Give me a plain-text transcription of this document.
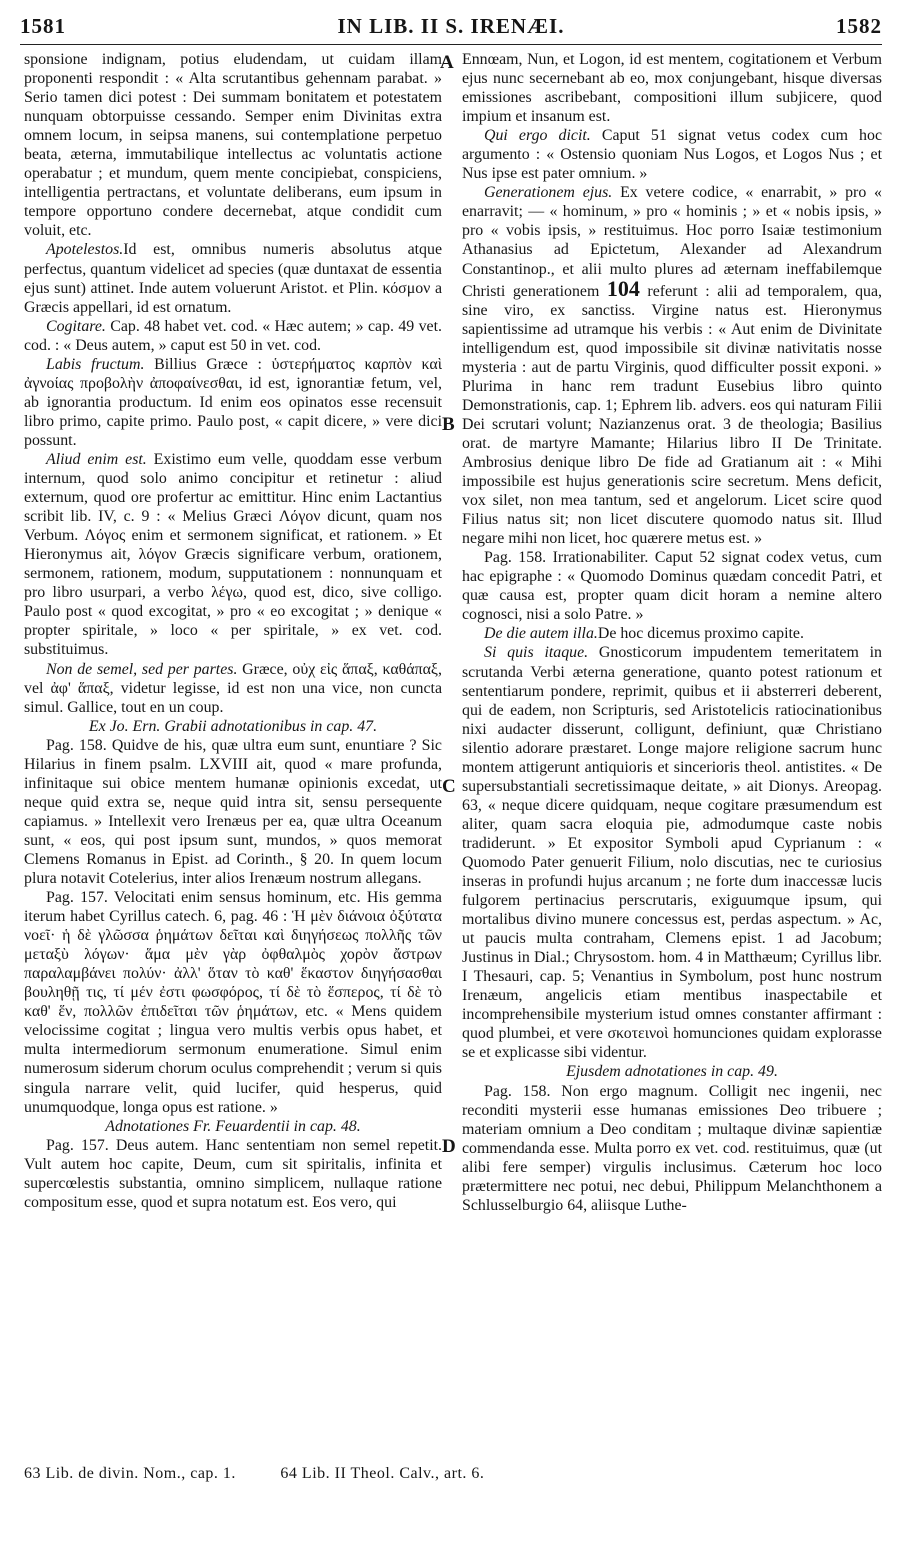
1581	IN LIB. II S. IRENÆI.	1582

sponsione indignam, potius eludendam, ut cuidam illam proponenti respondit : « Alta scrutantibus gehennam parabat. » Serio tamen dici potest : Dei summam bonitatem et potestatem nunquam obtorpuisse cessando. Semper enim Divinitas extra omnem locum, in seipsa manens, sui contemplatione perpetuo beata, æterna, immutabilique intellectus ac voluntatis actione operabatur ; et mundum, quem mente concipiebat, conspiciens, intelligentia pertractans, et voluntate deliberans, eum ipsum in tempore opportuno condere decernebat, atque condidit cum voluit, etc.

Apotelestos.Id est, omnibus numeris absolutus atque perfectus, quantum videlicet ad species (quæ duntaxat de essentia ejus sunt) attinet. Inde autem voluerunt Aristot. et Plin. κόσμον a Græcis appellari, id est ornatum.

Cogitare. Cap. 48 habet vet. cod. « Hæc autem; » cap. 49 vet. cod. : « Deus autem, » caput est 50 in vet. cod.

Labis fructum. Billius Græce : ὑστερήματος καρπὸν καὶ ἀγνοίας προβολὴν ἀποφαίνεσθαι, id est, ignorantiæ fetum, vel, ab ignorantia productum. Id enim eos opinatos esse recensuit libro primo, capite primo. Paulo post, « capit dicere, » vere dici possunt.

Aliud enim est. Existimo eum velle, quoddam esse verbum internum, quod solo animo concipitur et retinetur : aliud externum, quod ore profertur ac emittitur. Hinc enim Lactantius scribit lib. IV, c. 9 : « Melius Græci Λόγον dicunt, quam nos Verbum. Λόγος enim et sermonem significat, et rationem. » Et Hieronymus ait, λόγον Græcis significare verbum, orationem, sermonem, rationem, modum, supputationem : nonnunquam et pro libro usurpari, a verbo λέγω, quod est, dico, sive colligo. Paulo post « quod excogitat, » pro « eo excogitat ; » denique « propter spiritale, » loco « per spiritale, » ex vet. cod. substituimus.

Non de semel, sed per partes. Græce, οὐχ εἰς ἅπαξ, καθάπαξ, vel ἀφ' ἅπαξ, videtur legisse, id est non una vice, non cuncta simul. Gallice, tout en un coup.

Ex Jo. Ern. Grabii adnotationibus in cap. 47.

Pag. 158. Quidve de his, quæ ultra eum sunt, enuntiare ? Sic Hilarius in finem psalm. LXVIII ait, quod « mare profunda, infinitaque sui obice mentem humanæ opinionis excedat, ut neque quid extra se, neque quid intra sit, sensu persequente capiamus. » Intellexit vero Irenæus per ea, quæ ultra Oceanum sunt, « eos, qui post ipsum sunt, mundos, » quos memorat Clemens Romanus in Epist. ad Corinth., § 20. In quem locum plura notavit Cotelerius, inter alios Irenæum nostrum allegans.

Pag. 157. Velocitati enim sensus hominum, etc. His gemma iterum habet Cyrillus catech. 6, pag. 46 : Ἡ μὲν διάνοια ὀξύτατα νοεῖ· ἡ δὲ γλῶσσα ῥημάτων δεῖται καὶ διηγήσεως πολλῆς τῶν μεταξὺ λόγων· ἅμα μὲν γὰρ ὀφθαλμὸς χορὸν ἄστρων παραλαμβάνει πολύν· ἀλλ' ὅταν τὸ καθ' ἕκαστον διηγήσασθαι βουληθῇ τις, τί μέν ἐστι φωσφόρος, τί δὲ τὸ ἕσπερος, τί δὲ τὸ καθ' ἕν, πολλῶν ἐπιδεῖται τῶν ῥημάτων, etc. « Mens quidem velocissime cogitat ; lingua vero multis verbis opus habet, et multa intermediorum sermonum enumeratione. Simul enim numerosum siderum chorum oculus comprehendit ; verum si quis singula narrare velit, quid lucifer, quid hesperus, quid unumquodque, longa opus est ratione. »

Adnotationes Fr. Feuardentii in cap. 48.

Pag. 157. Deus autem. Hanc sententiam non semel repetit. Vult autem hoc capite, Deum, cum sit spiritalis, infinita et supercœlestis substantia, omnino simplicem, nullaque ratione compositum esse, quod et supra notatum est. Eos vero, qui

Ennœam, Nun, et Logon, id est mentem, cogitationem et Verbum ejus nunc secernebant ab eo, mox conjungebant, hisque diversas emissiones ascribebant, compositioni illum subjicere, quod impium et insanum est.

Qui ergo dicit. Caput 51 signat vetus codex cum hoc argumento : « Ostensio quoniam Nus Logos, et Logos Nus ; et Nus ipse est pater omnium. »

Generationem ejus. Ex vetere codice, « enarrabit, » pro « enarravit; — « hominum, » pro « hominis ; » et « nobis ipsis, » pro « vobis ipsis, » restituimus. Hoc porro Isaiæ testimonium Athanasius ad Epictetum, Alexander ad Alexandrum Constantinop., et alii multo plures ad æternam ineffabilemque Christi generationem 104 referunt : alii ad temporalem, qua, sine viro, ex sanctiss. Virgine natus est. Hieronymus sapientissime ad utramque his verbis : « Aut enim de Divinitate intelligendum est, quod impossibile sit divinæ nativitatis nosse mysteria : aut de partu Virginis, quod difficulter possit exponi. » Plurima in hanc rem tradunt Eusebius libro quinto Demonstrationis, cap. 1; Ephrem lib. advers. eos qui naturam Filii Dei scrutari volunt; Nazianzenus orat. 3 de theologia; Basilius orat. de martyre Mamante; Hilarius libro II De Trinitate. Ambrosius denique libro De fide ad Gratianum ait : « Mihi impossibile est hujus generationis scire secretum. Mens deficit, vox silet, non mea tantum, sed et angelorum. Licet scire quod Filius natus sit; non licet discutere quomodo natus sit. Illud negare mihi non licet, hoc quærere metus est. »

Pag. 158. Irrationabiliter. Caput 52 signat codex vetus, cum hac epigraphe : « Quomodo Dominus quædam concedit Patri, et quæ causa est, propter quam dicit horam a nemine altero cognosci, nisi a solo Patre. »

De die autem illa.De hoc dicemus proximo capite.

Si quis itaque. Gnosticorum impudentem temeritatem in scrutanda Verbi æterna generatione, quanto potest rationum et sententiarum pondere, reprimit, quibus et ii absterreri deberent, qui de eadem, non Scripturis, sed Aristotelicis ratiocinationibus nixi audacter disserunt, colligunt, definiunt, quæ Christiano silentio adorare præstaret. Longe majore religione sacrum hunc montem attigerunt antiquioris et sincerioris theol. antistites. « De supersubstantiali secretissimaque deitate, » ait Dionys. Areopag. 63, « neque dicere quidquam, neque cogitare præsumendum est aliter, quam sacra eloquia pie, admodumque caste nobis tradiderunt. » Et expositor Symboli apud Cyprianum : « Quomodo Pater genuerit Filium, nolo discutias, nec te curiosius inseras in profundi hujus arcanum ; ne forte dum inaccessæ lucis fulgorem pertinacius perscrutaris, exiguumque ipsum, qui mortalibus divino munere concessus est, perdas aspectum. » Ac, ut paucis multa contraham, Clemens epist. 1 ad Jacobum; Justinus in Dial.; Chrysostom. hom. 4 in Matthæum; Cyrillus libr. I Thesauri, cap. 5; Venantius in Symbolum, post hunc nostrum Irenæum, angelicis etiam mentibus inaspectabile et incomprehensibile mysterium istud omnes constanter affirmant : quod plumbei, et vere σκοτεινοὶ homunciones quidam explorasse se et explicasse sibi videntur.

Ejusdem adnotationes in cap. 49.

Pag. 158. Non ergo magnum. Colligit nec ingenii, nec reconditi mysterii esse humanas emissiones Deo tribuere ; materiam omnium a Deo conditam ; multaque divinæ sapientiæ commendanda esse. Multa porro ex vet. cod. restituimus, quæ (ut alibi fere semper) virgulis inclusimus. Cæterum hoc loco prætermittere nec potui, nec debui, Philippum Melanchthonem a Schlusselburgio 64, aliisque Luthe-

A
B
C
D
63 Lib. de divin. Nom., cap. 1.	64 Lib. II Theol. Calv., art. 6.
